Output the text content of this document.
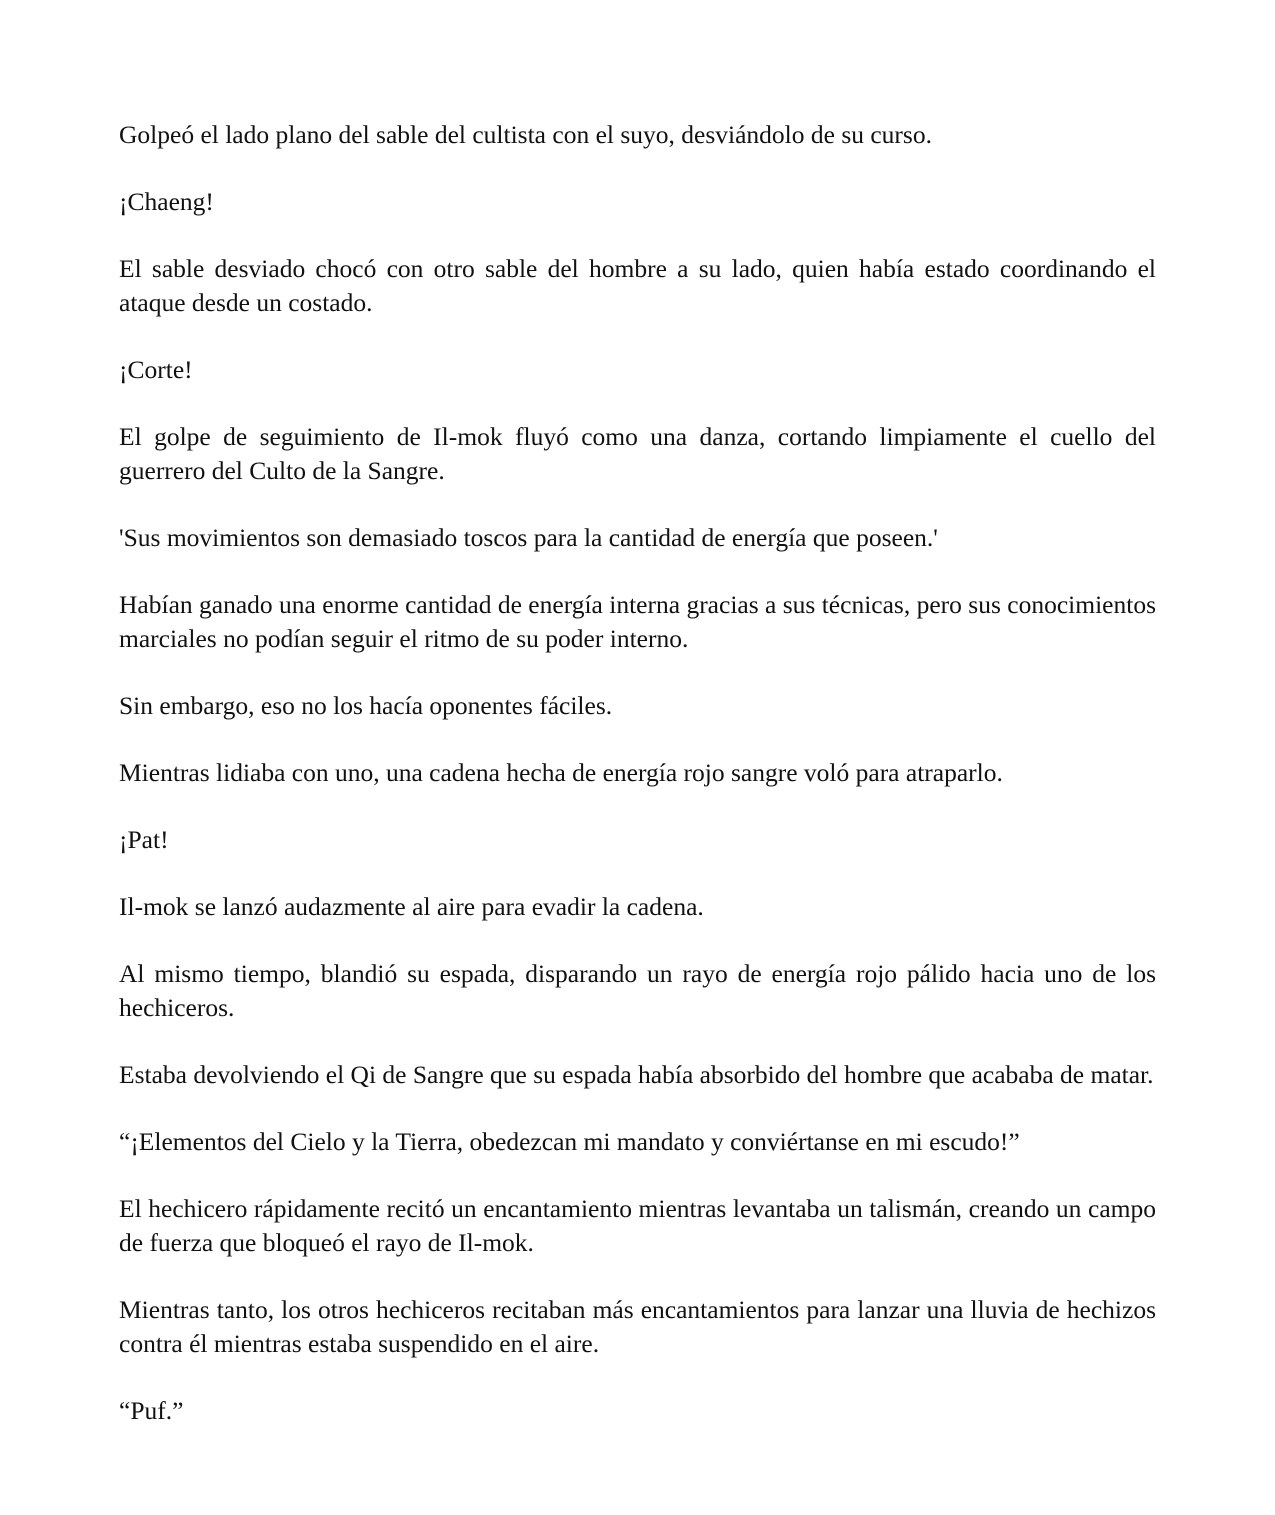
Golpeó el lado plano del sable del cultista con el suyo, desviándolo de su curso.

¡Chaeng!

El sable desviado chocó con otro sable del hombre a su lado, quien había estado coordinando el ataque desde un costado.

¡Corte!

El golpe de seguimiento de Il-mok fluyó como una danza, cortando limpiamente el cuello del guerrero del Culto de la Sangre.

'Sus movimientos son demasiado toscos para la cantidad de energía que poseen.'

Habían ganado una enorme cantidad de energía interna gracias a sus técnicas, pero sus conocimientos marciales no podían seguir el ritmo de su poder interno.

Sin embargo, eso no los hacía oponentes fáciles.

Mientras lidiaba con uno, una cadena hecha de energía rojo sangre voló para atraparlo.

¡Pat!

Il-mok se lanzó audazmente al aire para evadir la cadena.

Al mismo tiempo, blandió su espada, disparando un rayo de energía rojo pálido hacia uno de los hechiceros.

Estaba devolviendo el Qi de Sangre que su espada había absorbido del hombre que acababa de matar.

“¡Elementos del Cielo y la Tierra, obedezcan mi mandato y conviértanse en mi escudo!”

El hechicero rápidamente recitó un encantamiento mientras levantaba un talismán, creando un campo de fuerza que bloqueó el rayo de Il-mok.

Mientras tanto, los otros hechiceros recitaban más encantamientos para lanzar una lluvia de hechizos contra él mientras estaba suspendido en el aire.

“Puf.”
